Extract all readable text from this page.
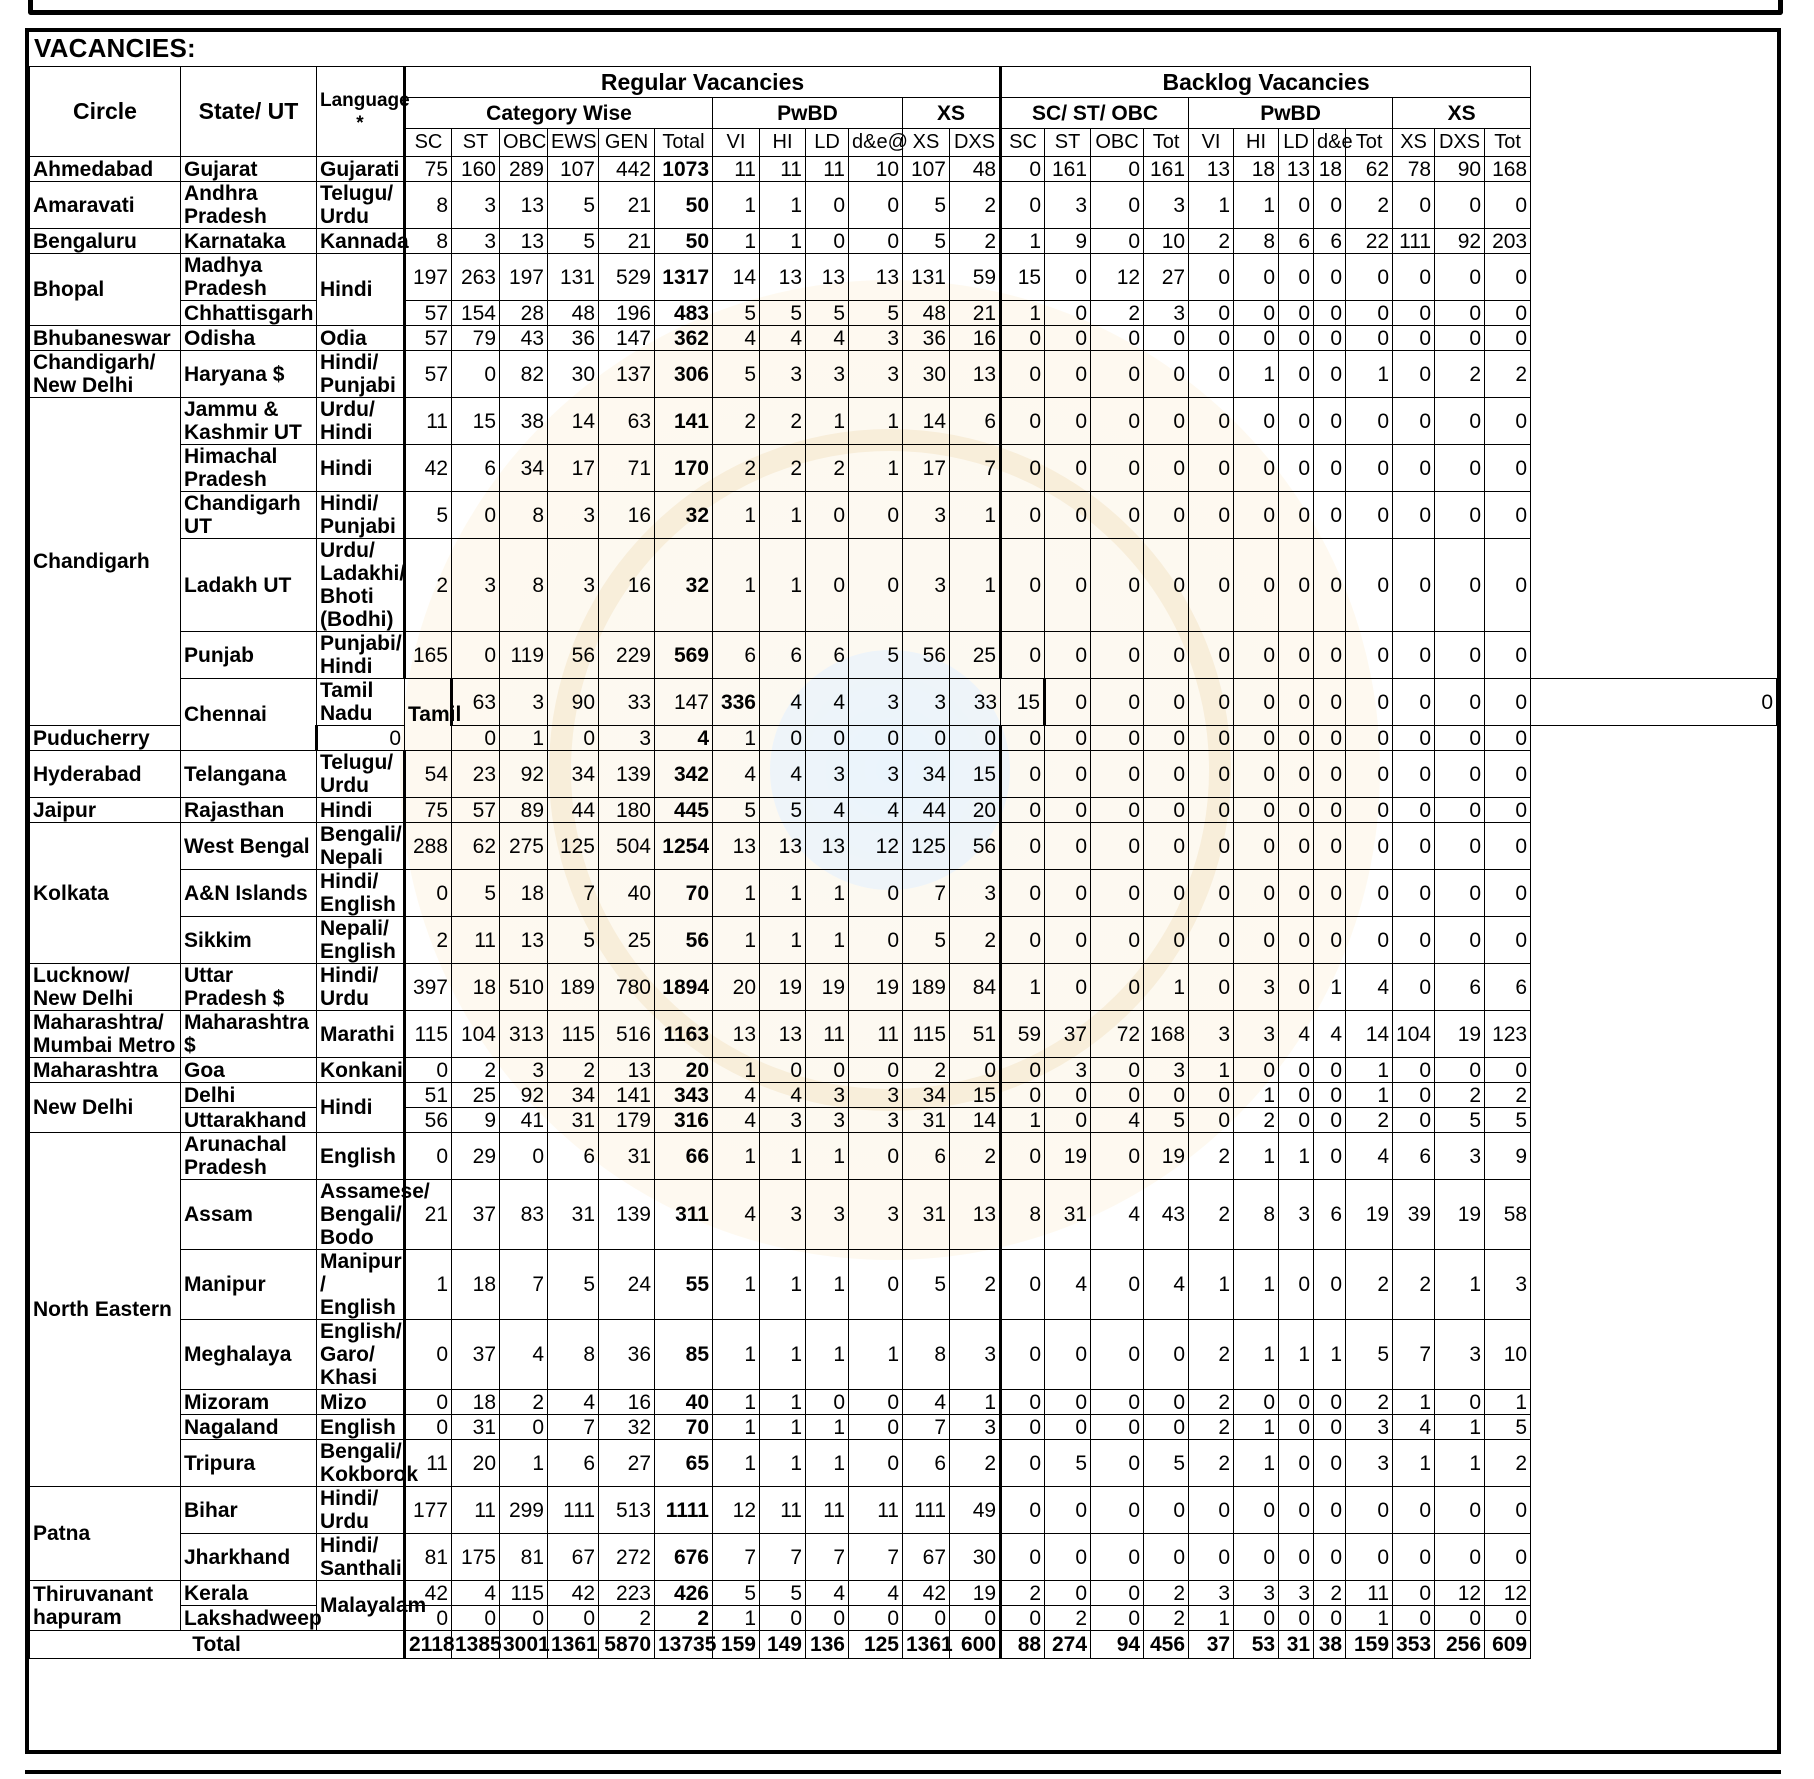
VACANCIES:
Circle	State/ UT	Language *	Regular Vacancies												Backlog Vacancies												
			Category Wise						PwBD				XS		SC/ ST/ OBC				PwBD					XS			
			SC	ST	OBC	EWS	GEN	Total	VI	HI	LD	d&e@	XS	DXS	SC	ST	OBC	Tot	VI	HI	LD	d&e	Tot	XS	DXS	Tot	
Ahmedabad	Gujarat	Gujarati	75	160	289	107	442	1073	11	11	11	10	107	48	0	161	0	161	13	18	13	18	62	78	90	168	
Amaravati	Andhra Pradesh	Telugu/ Urdu	8	3	13	5	21	50	1	1	0	0	5	2	0	3	0	3	1	1	0	0	2	0	0	0	
Bengaluru	Karnataka	Kannada	8	3	13	5	21	50	1	1	0	0	5	2	1	9	0	10	2	8	6	6	22	111	92	203	
Bhopal	Madhya Pradesh	Hindi	197	263	197	131	529	1317	14	13	13	13	131	59	15	0	12	27	0	0	0	0	0	0	0	0	
	Chhattisgarh		57	154	28	48	196	483	5	5	5	5	48	21	1	0	2	3	0	0	0	0	0	0	0	0	
Bhubaneswar	Odisha	Odia	57	79	43	36	147	362	4	4	4	3	36	16	0	0	0	0	0	0	0	0	0	0	0	0	
Chandigarh/ New Delhi	Haryana $	Hindi/ Punjabi	57	0	82	30	137	306	5	3	3	3	30	13	0	0	0	0	0	1	0	0	1	0	2	2	
Chandigarh	Jammu & Kashmir UT	Urdu/ Hindi	11	15	38	14	63	141	2	2	1	1	14	6	0	0	0	0	0	0	0	0	0	0	0	0	
	Himachal Pradesh	Hindi	42	6	34	17	71	170	2	2	2	1	17	7	0	0	0	0	0	0	0	0	0	0	0	0	
	Chandigarh UT	Hindi/ Punjabi	5	0	8	3	16	32	1	1	0	0	3	1	0	0	0	0	0	0	0	0	0	0	0	0	
	Ladakh UT	Urdu/ Ladakhi/ Bhoti (Bodhi)	2	3	8	3	16	32	1	1	0	0	3	1	0	0	0	0	0	0	0	0	0	0	0	0	
	Punjab	Punjabi/ Hindi	165	0	119	56	229	569	6	6	6	5	56	25	0	0	0	0	0	0	0	0	0	0	0	0	
	Chennai	Tamil Nadu	Tamil	63	3	90	33	147	336	4	4	3	3	33	15	0	0	0	0	0	0	0	0	0	0	0	0
Puducherry		0		0	1	0	3	4	1	0	0	0	0	0	0	0	0	0	0	0	0	0	0	0	0	0	
Hyderabad	Telangana	Telugu/ Urdu	54	23	92	34	139	342	4	4	3	3	34	15	0	0	0	0	0	0	0	0	0	0	0	0	
Jaipur	Rajasthan	Hindi	75	57	89	44	180	445	5	5	4	4	44	20	0	0	0	0	0	0	0	0	0	0	0	0	
Kolkata	West Bengal	Bengali/ Nepali	288	62	275	125	504	1254	13	13	13	12	125	56	0	0	0	0	0	0	0	0	0	0	0	0	
	A&N Islands	Hindi/ English	0	5	18	7	40	70	1	1	1	0	7	3	0	0	0	0	0	0	0	0	0	0	0	0	
	Sikkim	Nepali/ English	2	11	13	5	25	56	1	1	1	0	5	2	0	0	0	0	0	0	0	0	0	0	0	0	
Lucknow/ New Delhi	Uttar Pradesh $	Hindi/ Urdu	397	18	510	189	780	1894	20	19	19	19	189	84	1	0	0	1	0	3	0	1	4	0	6	6	
Maharashtra/ Mumbai Metro	Maharashtra $	Marathi	115	104	313	115	516	1163	13	13	11	11	115	51	59	37	72	168	3	3	4	4	14	104	19	123	
Maharashtra	Goa	Konkani	0	2	3	2	13	20	1	0	0	0	2	0	0	3	0	3	1	0	0	0	1	0	0	0	
New Delhi	Delhi	Hindi	51	25	92	34	141	343	4	4	3	3	34	15	0	0	0	0	0	1	0	0	1	0	2	2	
	Uttarakhand		56	9	41	31	179	316	4	3	3	3	31	14	1	0	4	5	0	2	0	0	2	0	5	5	
North Eastern	Arunachal Pradesh	English	0	29	0	6	31	66	1	1	1	0	6	2	0	19	0	19	2	1	1	0	4	6	3	9	
	Assam	Assamese/ Bengali/ Bodo	21	37	83	31	139	311	4	3	3	3	31	13	8	31	4	43	2	8	3	6	19	39	19	58	
	Manipur	Manipuri / English	1	18	7	5	24	55	1	1	1	0	5	2	0	4	0	4	1	1	0	0	2	2	1	3	
	Meghalaya	English/ Garo/ Khasi	0	37	4	8	36	85	1	1	1	1	8	3	0	0	0	0	2	1	1	1	5	7	3	10	
	Mizoram	Mizo	0	18	2	4	16	40	1	1	0	0	4	1	0	0	0	0	2	0	0	0	2	1	0	1	
	Nagaland	English	0	31	0	7	32	70	1	1	1	0	7	3	0	0	0	0	2	1	0	0	3	4	1	5	
	Tripura	Bengali/ Kokborok	11	20	1	6	27	65	1	1	1	0	6	2	0	5	0	5	2	1	0	0	3	1	1	2	
Patna	Bihar	Hindi/ Urdu	177	11	299	111	513	1111	12	11	11	11	111	49	0	0	0	0	0	0	0	0	0	0	0	0	
	Jharkhand	Hindi/ Santhali	81	175	81	67	272	676	7	7	7	7	67	30	0	0	0	0	0	0	0	0	0	0	0	0	
Thiruvanant hapuram	Kerala	Malayalam	42	4	115	42	223	426	5	5	4	4	42	19	2	0	0	2	3	3	3	2	11	0	12	12	
	Lakshadweep		0	0	0	0	2	2	1	0	0	0	0	0	0	2	0	2	1	0	0	0	1	0	0	0	
Total			2118	1385	3001	1361	5870	13735	159	149	136	125	1361	600	88	274	94	456	37	53	31	38	159	353	256	609	
